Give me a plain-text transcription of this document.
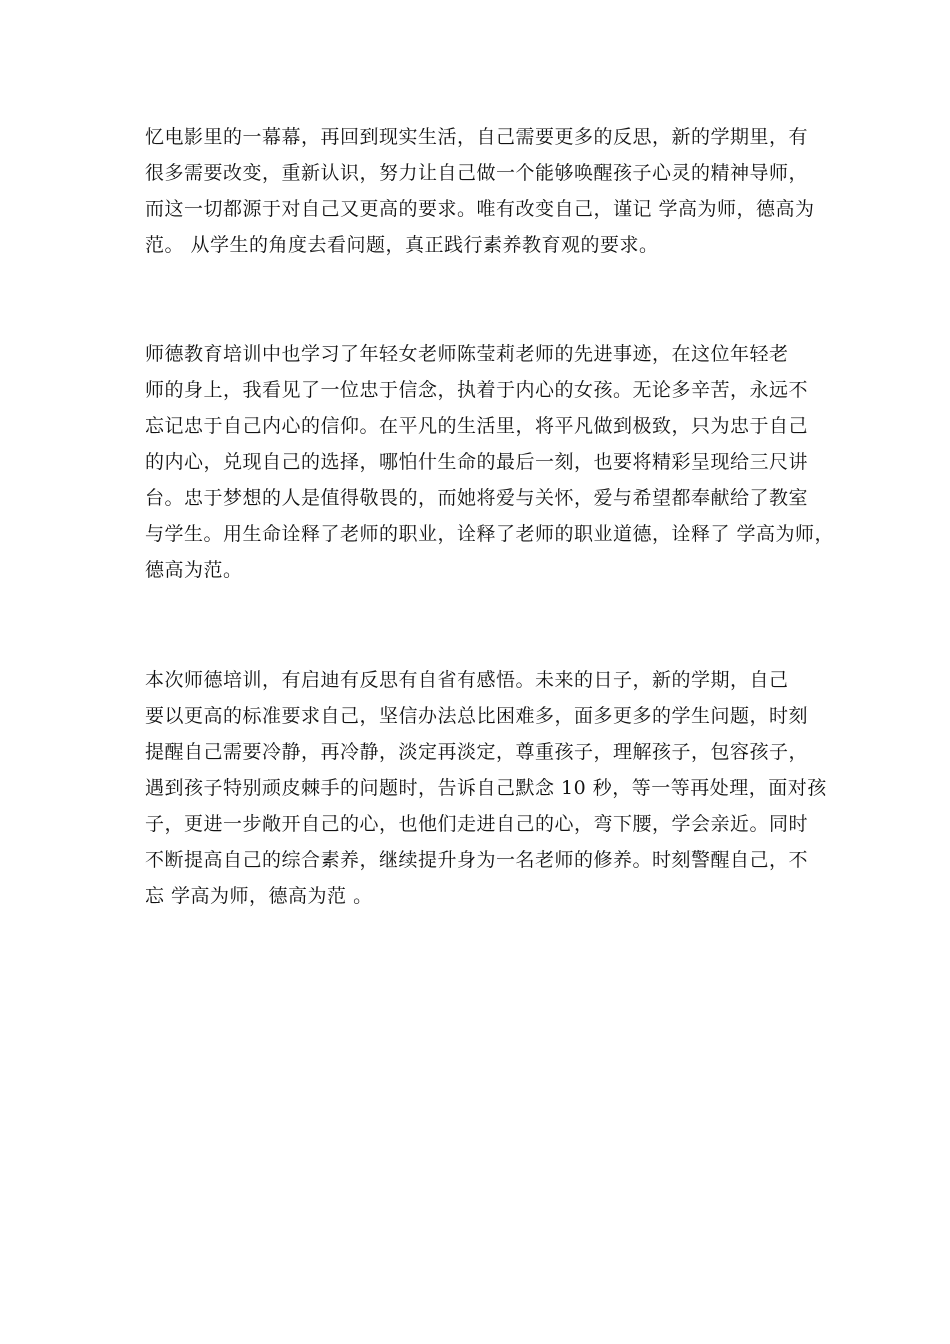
忆电影里的一幕幕，再回到现实生活，自己需要更多的反思，新的学期里，有
很多需要改变，重新认识，努力让自己做一个能够唤醒孩子心灵的精神导师，
而这一切都源于对自己又更高的要求。唯有改变自己，谨记 学高为师，德高为
范。 从学生的角度去看问题，真正践行素养教育观的要求。
师德教育培训中也学习了年轻女老师陈莹莉老师的先进事迹，在这位年轻老
师的身上，我看见了一位忠于信念，执着于内心的女孩。无论多辛苦，永远不
忘记忠于自己内心的信仰。在平凡的生活里，将平凡做到极致，只为忠于自己
的内心，兑现自己的选择，哪怕什生命的最后一刻，也要将精彩呈现给三尺讲
台。忠于梦想的人是值得敬畏的，而她将爱与关怀，爱与希望都奉献给了教室
与学生。用生命诠释了老师的职业，诠释了老师的职业道德，诠释了 学高为师，
德高为范。
本次师德培训，有启迪有反思有自省有感悟。未来的日子，新的学期，自己
要以更高的标准要求自己，坚信办法总比困难多，面多更多的学生问题，时刻
提醒自己需要冷静，再冷静，淡定再淡定，尊重孩子，理解孩子，包容孩子，
遇到孩子特别顽皮棘手的问题时，告诉自己默念 10 秒，等一等再处理，面对孩
子，更进一步敞开自己的心，也他们走进自己的心，弯下腰，学会亲近。同时
不断提高自己的综合素养，继续提升身为一名老师的修养。时刻警醒自己，不
忘 学高为师，德高为范 。
